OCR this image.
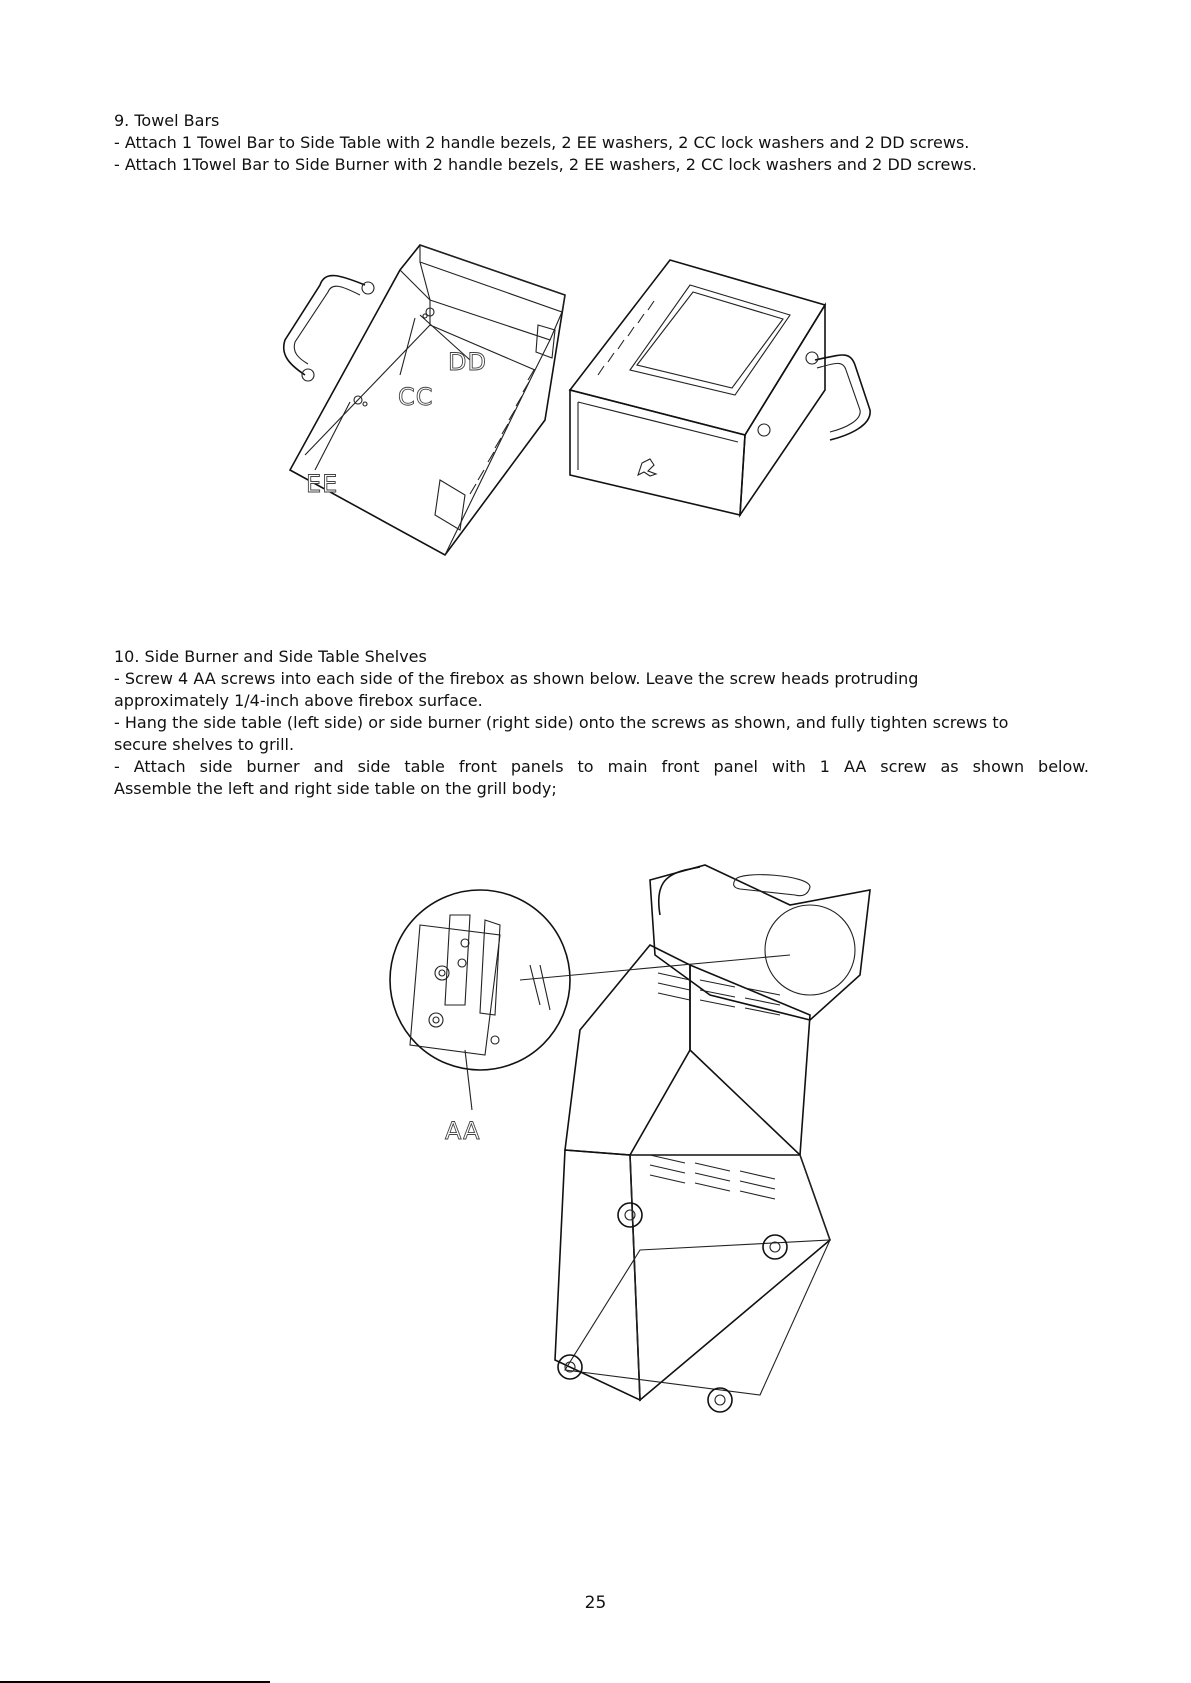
9. Towel Bars
- Attach 1 Towel Bar to Side Table with 2 handle bezels, 2 EE washers, 2 CC lock washers and 2 DD screws.
- Attach 1Towel Bar to Side Burner with 2 handle bezels, 2 EE washers, 2 CC lock washers and 2 DD screws.
DD
CC
EE
10. Side Burner and Side Table Shelves
- Screw 4 AA screws into each side of the firebox as shown below. Leave the screw heads protruding
approximately 1/4-inch above firebox surface.
- Hang the side table (left side) or side burner (right side) onto the screws as shown, and fully tighten screws to
secure shelves to grill.
- Attach side burner and side table front panels to main front panel with 1 AA screw as shown below.
Assemble the left and right side table on the grill body;
AA
25
